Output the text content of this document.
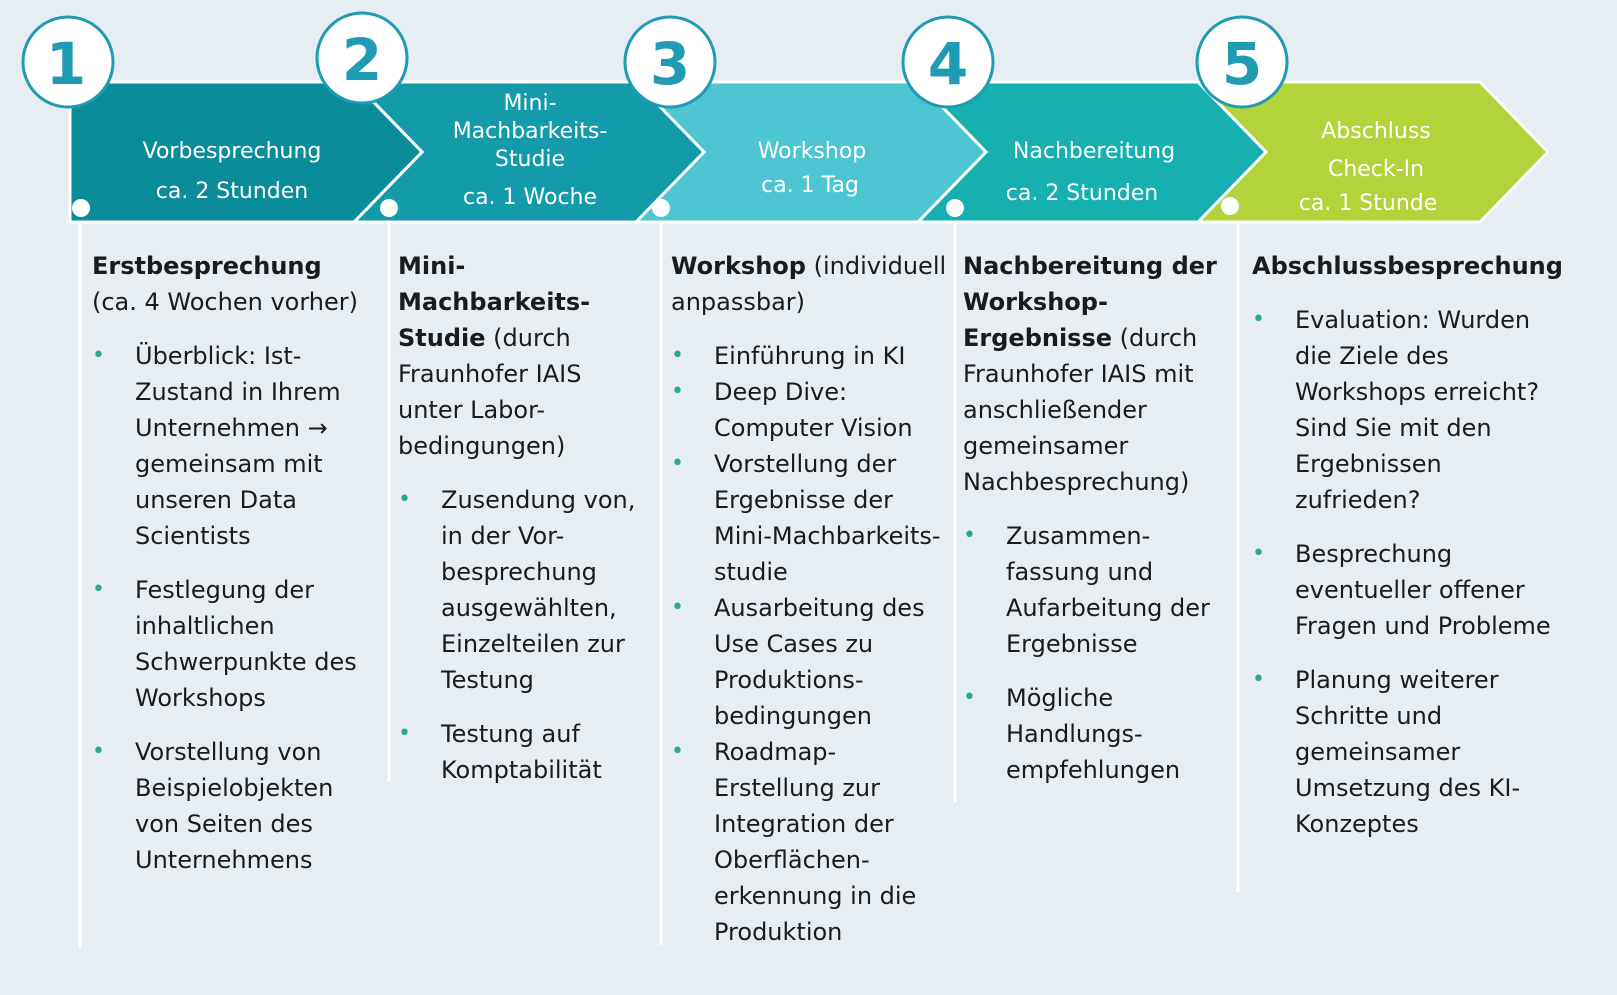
Vorbesprechung
ca. 2 Stunden
Mini-
Machbarkeits-
Studie
ca. 1 Woche
Workshop
ca. 1 Tag
Nachbereitung
ca. 2 Stunden
Abschluss
Check-In
ca. 1 Stunde
1	2	3	4	5
Erstbesprechung
(ca. 4 Wochen vorher)
• Überblick: Ist-Zustand in Ihrem Unternehmen → gemeinsam mit unseren Data Scientists
• Festlegung der inhaltlichen Schwerpunkte des Workshops
• Vorstellung von Beispielobjekten von Seiten des Unternehmens
Mini-Machbarkeits-
Studie (durch Fraunhofer IAIS unter Labor-bedingungen)
• Zusendung von, in der Vor-besprechung ausgewählten, Einzelteilen zur Testung
• Testung auf Komptabilität
Workshop (individuell anpassbar)
• Einführung in KI
• Deep Dive: Computer Vision
• Vorstellung der Ergebnisse der Mini-Machbarkeits-studie
• Ausarbeitung des Use Cases zu Produktions-bedingungen
• Roadmap-Erstellung zur Integration der Oberflächen-erkennung in die Produktion
Nachbereitung der
Workshop-
Ergebnisse (durch Fraunhofer IAIS mit anschließender gemeinsamer Nachbesprechung)
• Zusammen-fassung und Aufarbeitung der Ergebnisse
• Mögliche Handlungs-empfehlungen
Abschlussbesprechung
• Evaluation: Wurden die Ziele des Workshops erreicht? Sind Sie mit den Ergebnissen zufrieden?
• Besprechung eventueller offener Fragen und Probleme
• Planung weiterer Schritte und gemeinsamer Umsetzung des KI-Konzeptes
